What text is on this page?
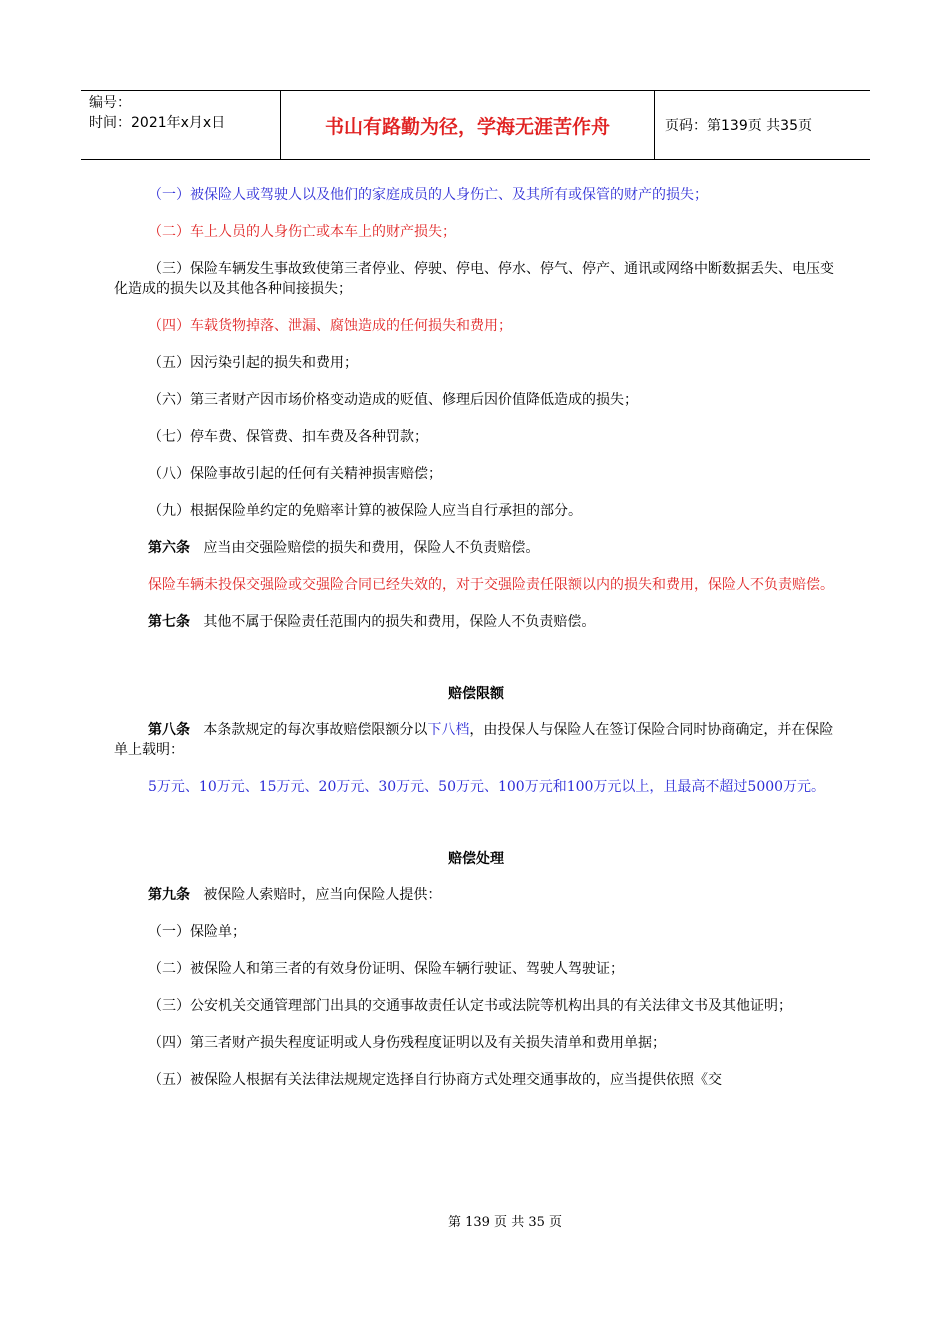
编号：
时间：2021年x月x日	书山有路勤为径，学海无涯苦作舟	页码：第139页 共35页

（一）被保险人或驾驶人以及他们的家庭成员的人身伤亡、及其所有或保管的财产的损失；

（二）车上人员的人身伤亡或本车上的财产损失；

（三）保险车辆发生事故致使第三者停业、停驶、停电、停水、停气、停产、通讯或网络中断数据丢失、电压变化造成的损失以及其他各种间接损失；

（四）车载货物掉落、泄漏、腐蚀造成的任何损失和费用；

（五）因污染引起的损失和费用；

（六）第三者财产因市场价格变动造成的贬值、修理后因价值降低造成的损失；

（七）停车费、保管费、扣车费及各种罚款；

（八）保险事故引起的任何有关精神损害赔偿；

（九）根据保险单约定的免赔率计算的被保险人应当自行承担的部分。

第六条 应当由交强险赔偿的损失和费用，保险人不负责赔偿。

保险车辆未投保交强险或交强险合同已经失效的，对于交强险责任限额以内的损失和费用，保险人不负责赔偿。

第七条 其他不属于保险责任范围内的损失和费用，保险人不负责赔偿。

赔偿限额

第八条 本条款规定的每次事故赔偿限额分以下八档，由投保人与保险人在签订保险合同时协商确定，并在保险单上载明：

5万元、10万元、15万元、20万元、30万元、50万元、100万元和100万元以上，且最高不超过5000万元。

赔偿处理

第九条 被保险人索赔时，应当向保险人提供：

（一）保险单；

（二）被保险人和第三者的有效身份证明、保险车辆行驶证、驾驶人驾驶证；

（三）公安机关交通管理部门出具的交通事故责任认定书或法院等机构出具的有关法律文书及其他证明；

（四）第三者财产损失程度证明或人身伤残程度证明以及有关损失清单和费用单据；

（五）被保险人根据有关法律法规规定选择自行协商方式处理交通事故的，应当提供依照《交

第 139 页 共 35 页
